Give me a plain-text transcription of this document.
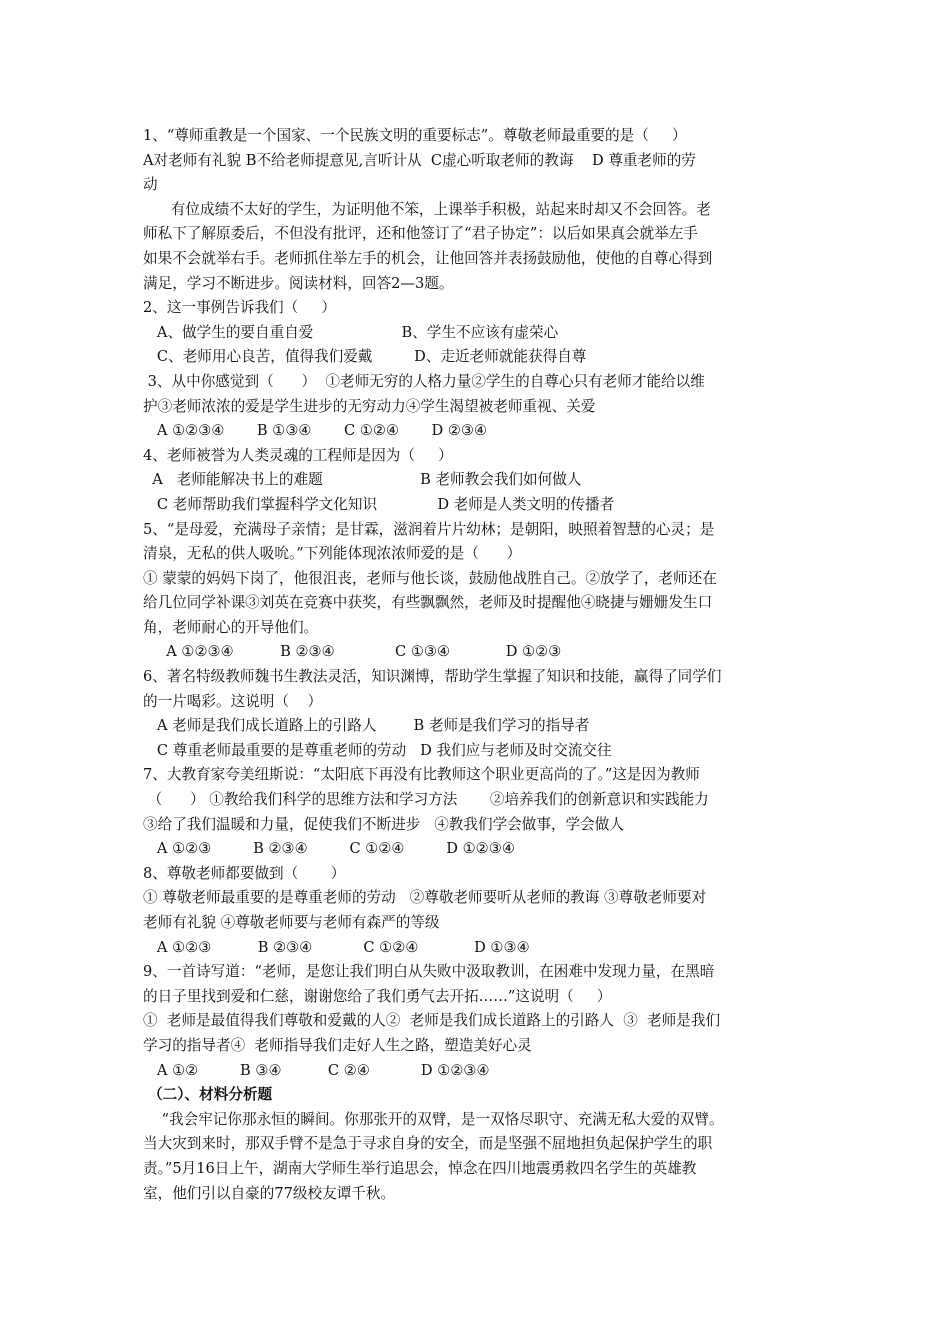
1、“尊师重教是一个国家、一个民族文明的重要标志”。尊敬老师最重要的是（     ）
A对老师有礼貌 B不给老师提意见,言听计从  C虚心听取老师的教诲    D 尊重老师的劳
动
有位成绩不太好的学生，为证明他不笨，上课举手积极，站起来时却又不会回答。老
师私下了解原委后，不但没有批评，还和他签订了“君子协定”：以后如果真会就举左手
如果不会就举右手。老师抓住举左手的机会，让他回答并表扬鼓励他，使他的自尊心得到
满足，学习不断进步。阅读材料，回答2—3题。
2、这一事例告诉我们（     ）
A、做学生的要自重自爱                   B、学生不应该有虚荣心
C、老师用心良苦，值得我们爱戴         D、走近老师就能获得自尊
3、从中你感觉到（      ）  ①老师无穷的人格力量②学生的自尊心只有老师才能给以维
护③老师浓浓的爱是学生进步的无穷动力④学生渴望被老师重视、关爱
A ①②③④       B ①③④       C ①②④       D ②③④
4、老师被誉为人类灵魂的工程师是因为（     ）
A   老师能解决书上的难题                     B 老师教会我们如何做人
C 老师帮助我们掌握科学文化知识             D 老师是人类文明的传播者
5、“是母爱，充满母子亲情；是甘霖，滋润着片片幼林；是朝阳，映照着智慧的心灵；是
清泉，无私的供人吸吮。”下列能体现浓浓师爱的是（      ）
① 蒙蒙的妈妈下岗了，他很沮丧，老师与他长谈，鼓励他战胜自己。②放学了，老师还在
给几位同学补课③刘英在竞赛中获奖，有些飘飘然，老师及时提醒他④晓捷与姗姗发生口
角，老师耐心的开导他们。
A ①②③④          B ②③④             C ①③④            D ①②③
6、著名特级教师魏书生教法灵活，知识渊博，帮助学生掌握了知识和技能，赢得了同学们
的一片喝彩。这说明（    ）
A 老师是我们成长道路上的引路人        B 老师是我们学习的指导者
C 尊重老师最重要的是尊重老师的劳动   D 我们应与老师及时交流交往
7、大教育家夸美纽斯说：“太阳底下再没有比教师这个职业更高尚的了。”这是因为教师
（      ） ①教给我们科学的思维方法和学习方法       ②培养我们的创新意识和实践能力
③给了我们温暖和力量，促使我们不断进步   ④教我们学会做事，学会做人
A ①②③         B ②③④         C ①②④         D ①②③④
8、尊敬老师都要做到（       ）
① 尊敬老师最重要的是尊重老师的劳动   ②尊敬老师要听从老师的教诲 ③尊敬老师要对
老师有礼貌 ④尊敬老师要与老师有森严的等级
A ①②③          B ②③④           C ①②④            D ①③④
9、一首诗写道：“老师，是您让我们明白从失败中汲取教训，在困难中发现力量，在黑暗
的日子里找到爱和仁慈，谢谢您给了我们勇气去开拓……”这说明（     ）
①  老师是最值得我们尊敬和爱戴的人②  老师是我们成长道路上的引路人  ③  老师是我们
学习的指导者④  老师指导我们走好人生之路，塑造美好心灵
A ①②         B ③④          C ②④           D ①②③④
（二）、材料分析题
“我会牢记你那永恒的瞬间。你那张开的双臂，是一双恪尽职守、充满无私大爱的双臂。
当大灾到来时，那双手臂不是急于寻求自身的安全，而是坚强不屈地担负起保护学生的职
责。”5月16日上午，湖南大学师生举行追思会，悼念在四川地震勇救四名学生的英雄教
室，他们引以自豪的77级校友谭千秋。
